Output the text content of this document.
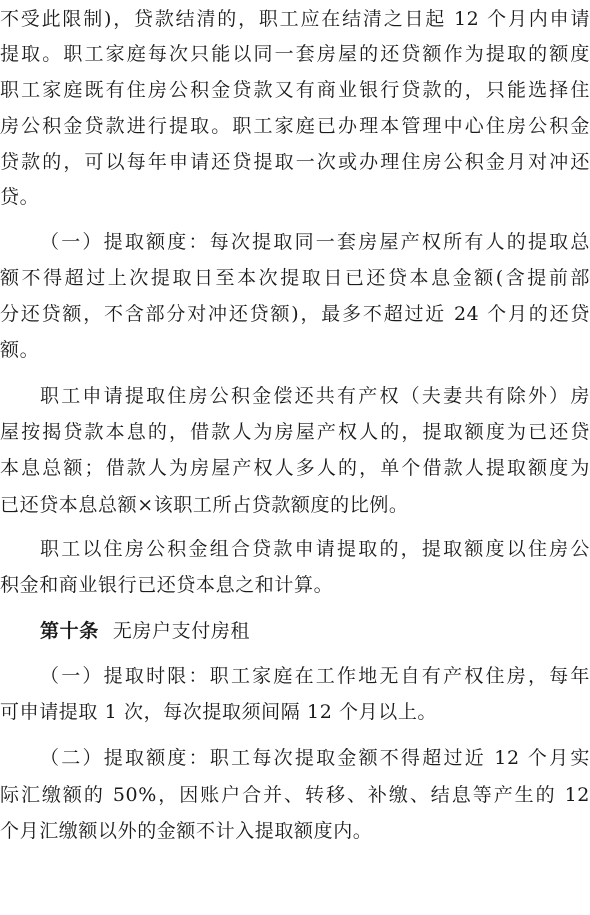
不受此限制)，贷款结清的，职工应在结清之日起 12 个月内申请
提取。职工家庭每次只能以同一套房屋的还贷额作为提取的额度
职工家庭既有住房公积金贷款又有商业银行贷款的，只能选择住
房公积金贷款进行提取。职工家庭已办理本管理中心住房公积金
贷款的，可以每年申请还贷提取一次或办理住房公积金月对冲还
贷。
（一）提取额度：每次提取同一套房屋产权所有人的提取总
额不得超过上次提取日至本次提取日已还贷本息金额(含提前部
分还贷额，不含部分对冲还贷额)，最多不超过近 24 个月的还贷
额。
职工申请提取住房公积金偿还共有产权（夫妻共有除外）房
屋按揭贷款本息的，借款人为房屋产权人的，提取额度为已还贷
本息总额；借款人为房屋产权人多人的，单个借款人提取额度为
已还贷本息总额×该职工所占贷款额度的比例。
职工以住房公积金组合贷款申请提取的，提取额度以住房公
积金和商业银行已还贷本息之和计算。
第十条 无房户支付房租
（一）提取时限：职工家庭在工作地无自有产权住房，每年
可申请提取 1 次，每次提取须间隔 12 个月以上。
（二）提取额度：职工每次提取金额不得超过近 12 个月实
际汇缴额的 50%，因账户合并、转移、补缴、结息等产生的 12
个月汇缴额以外的金额不计入提取额度内。
